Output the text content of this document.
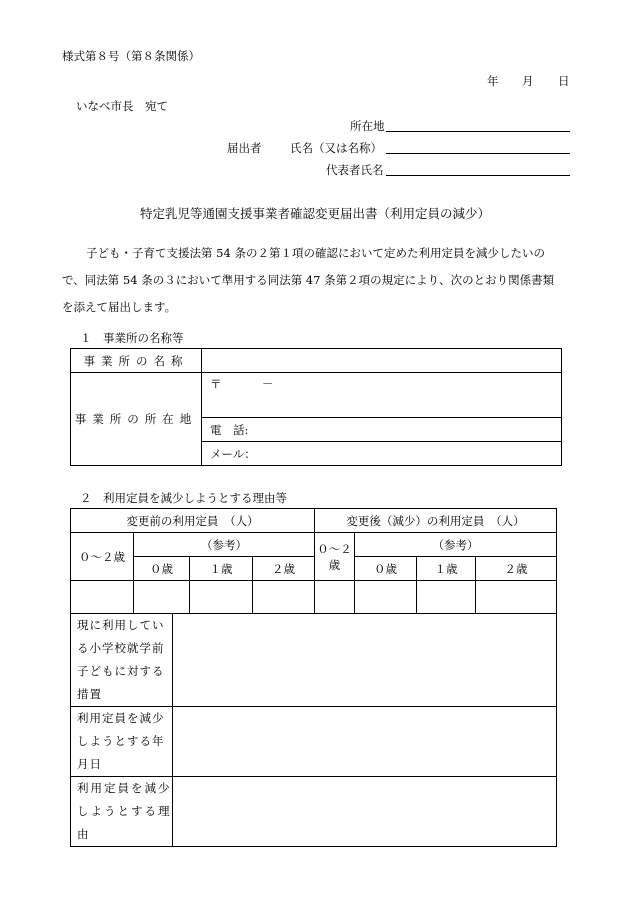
様式第８号（第８条関係）
年 月 日
いなべ市長　宛て
所在地
届出者 氏名（又は名称）
代表者氏名
特定乳児等通園支援事業者確認変更届出書（利用定員の減少）
子ども・子育て支援法第 54 条の２第１項の確認において定めた利用定員を減少したいので、同法第 54 条の３において準用する同法第 47 条第２項の規定により、次のとおり関係書類を添えて届出します。
１　事業所の名称等
事業所の名称	
事業所の所在地	〒 －

	電　話:
	メール：
２　利用定員を減少しようとする理由等
変更前の利用定員　（人）					変更後（減少）の利用定員　（人）			
０～２歳	（参考）				０～２歳	（参考）		
	０歳		１歳	２歳		０歳	１歳	２歳

現に利用している小学校就学前子どもに対する措置								
利用定員を減少しようとする年月日								
利用定員を減少しようとする理由								
